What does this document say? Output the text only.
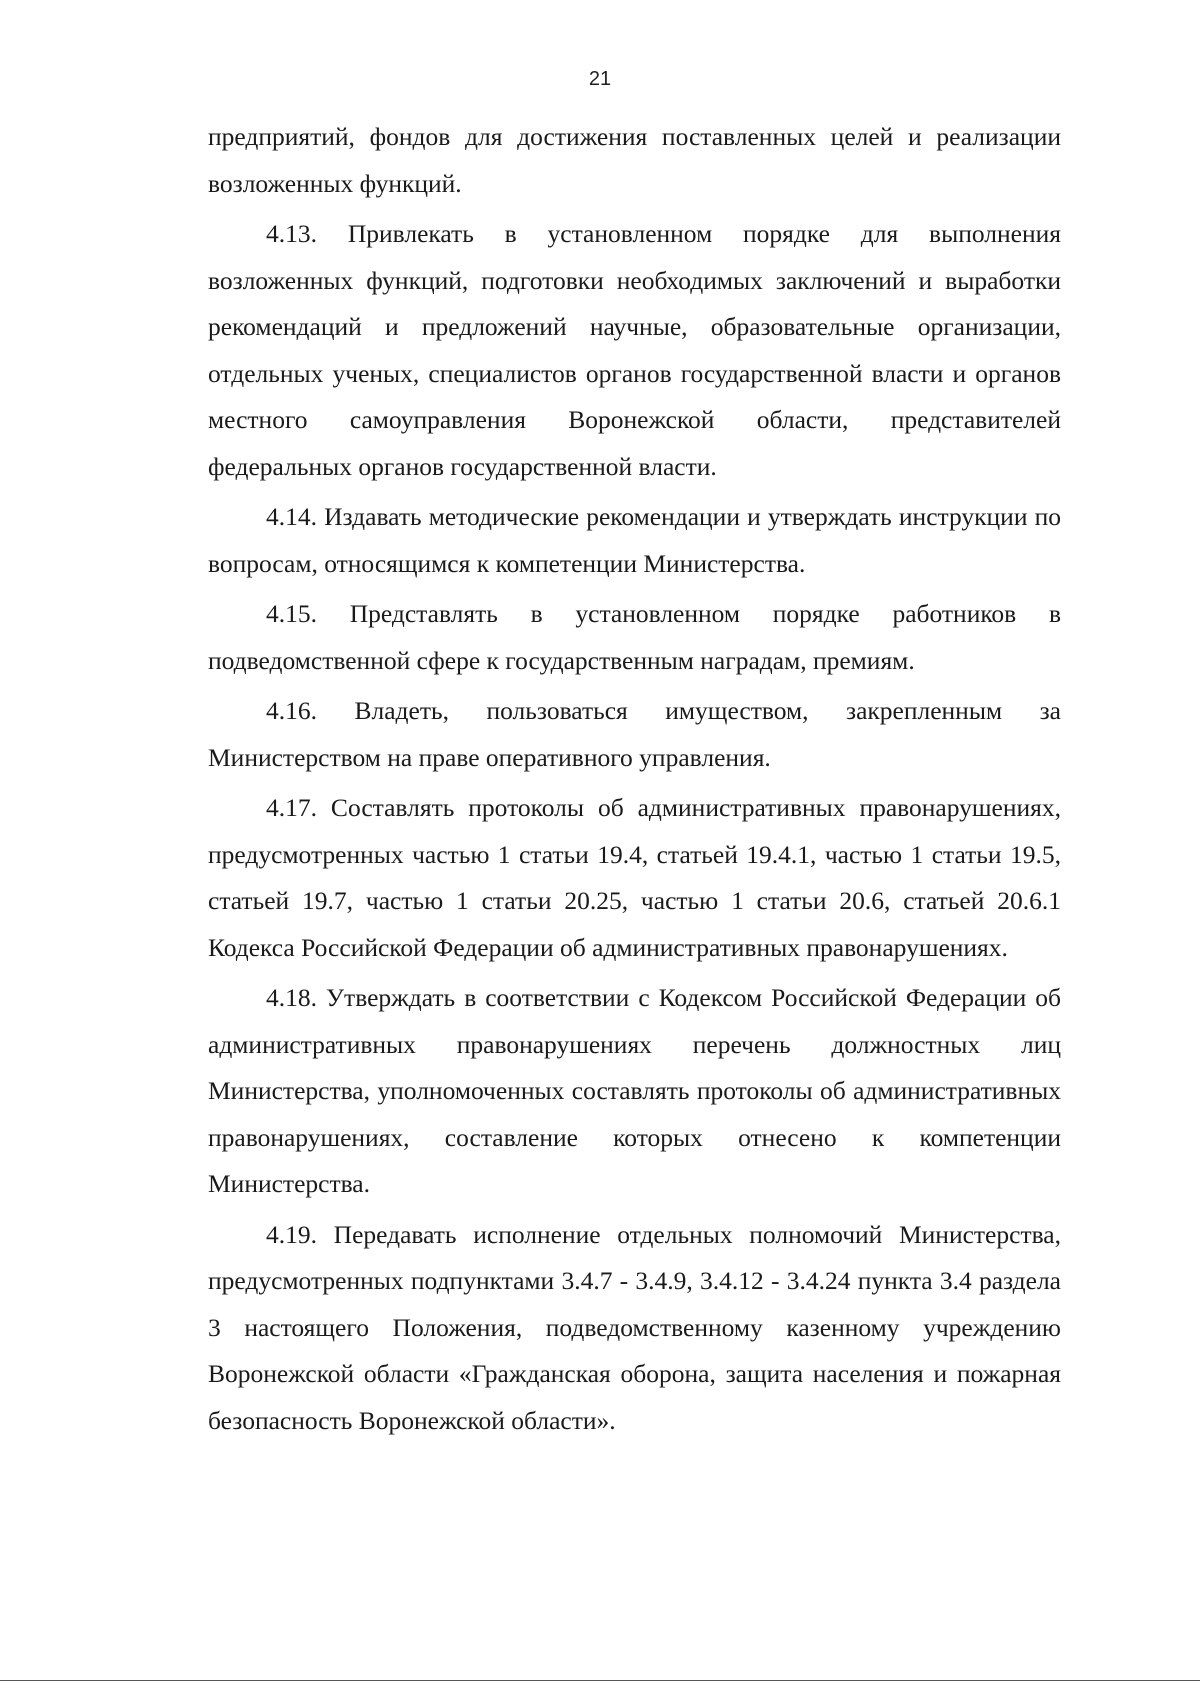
21

предприятий, фондов для достижения поставленных целей и реализации возложенных функций.

4.13. Привлекать в установленном порядке для выполнения возложенных функций, подготовки необходимых заключений и выработки рекомендаций и предложений научные, образовательные организации, отдельных ученых, специалистов органов государственной власти и органов местного самоуправления Воронежской области, представителей федеральных органов государственной власти.

4.14. Издавать методические рекомендации и утверждать инструкции по вопросам, относящимся к компетенции Министерства.

4.15. Представлять в установленном порядке работников в подведомственной сфере к государственным наградам, премиям.

4.16. Владеть, пользоваться имуществом, закрепленным за Министерством на праве оперативного управления.

4.17. Составлять протоколы об административных правонарушениях, предусмотренных частью 1 статьи 19.4, статьей 19.4.1, частью 1 статьи 19.5, статьей 19.7, частью 1 статьи 20.25, частью 1 статьи 20.6, статьей 20.6.1 Кодекса Российской Федерации об административных правонарушениях.

4.18. Утверждать в соответствии с Кодексом Российской Федерации об административных правонарушениях перечень должностных лиц Министерства, уполномоченных составлять протоколы об административных правонарушениях, составление которых отнесено к компетенции Министерства.

4.19. Передавать исполнение отдельных полномочий Министерства, предусмотренных подпунктами 3.4.7 - 3.4.9, 3.4.12 - 3.4.24 пункта 3.4 раздела 3 настоящего Положения, подведомственному казенному учреждению Воронежской области «Гражданская оборона, защита населения и пожарная безопасность Воронежской области».
